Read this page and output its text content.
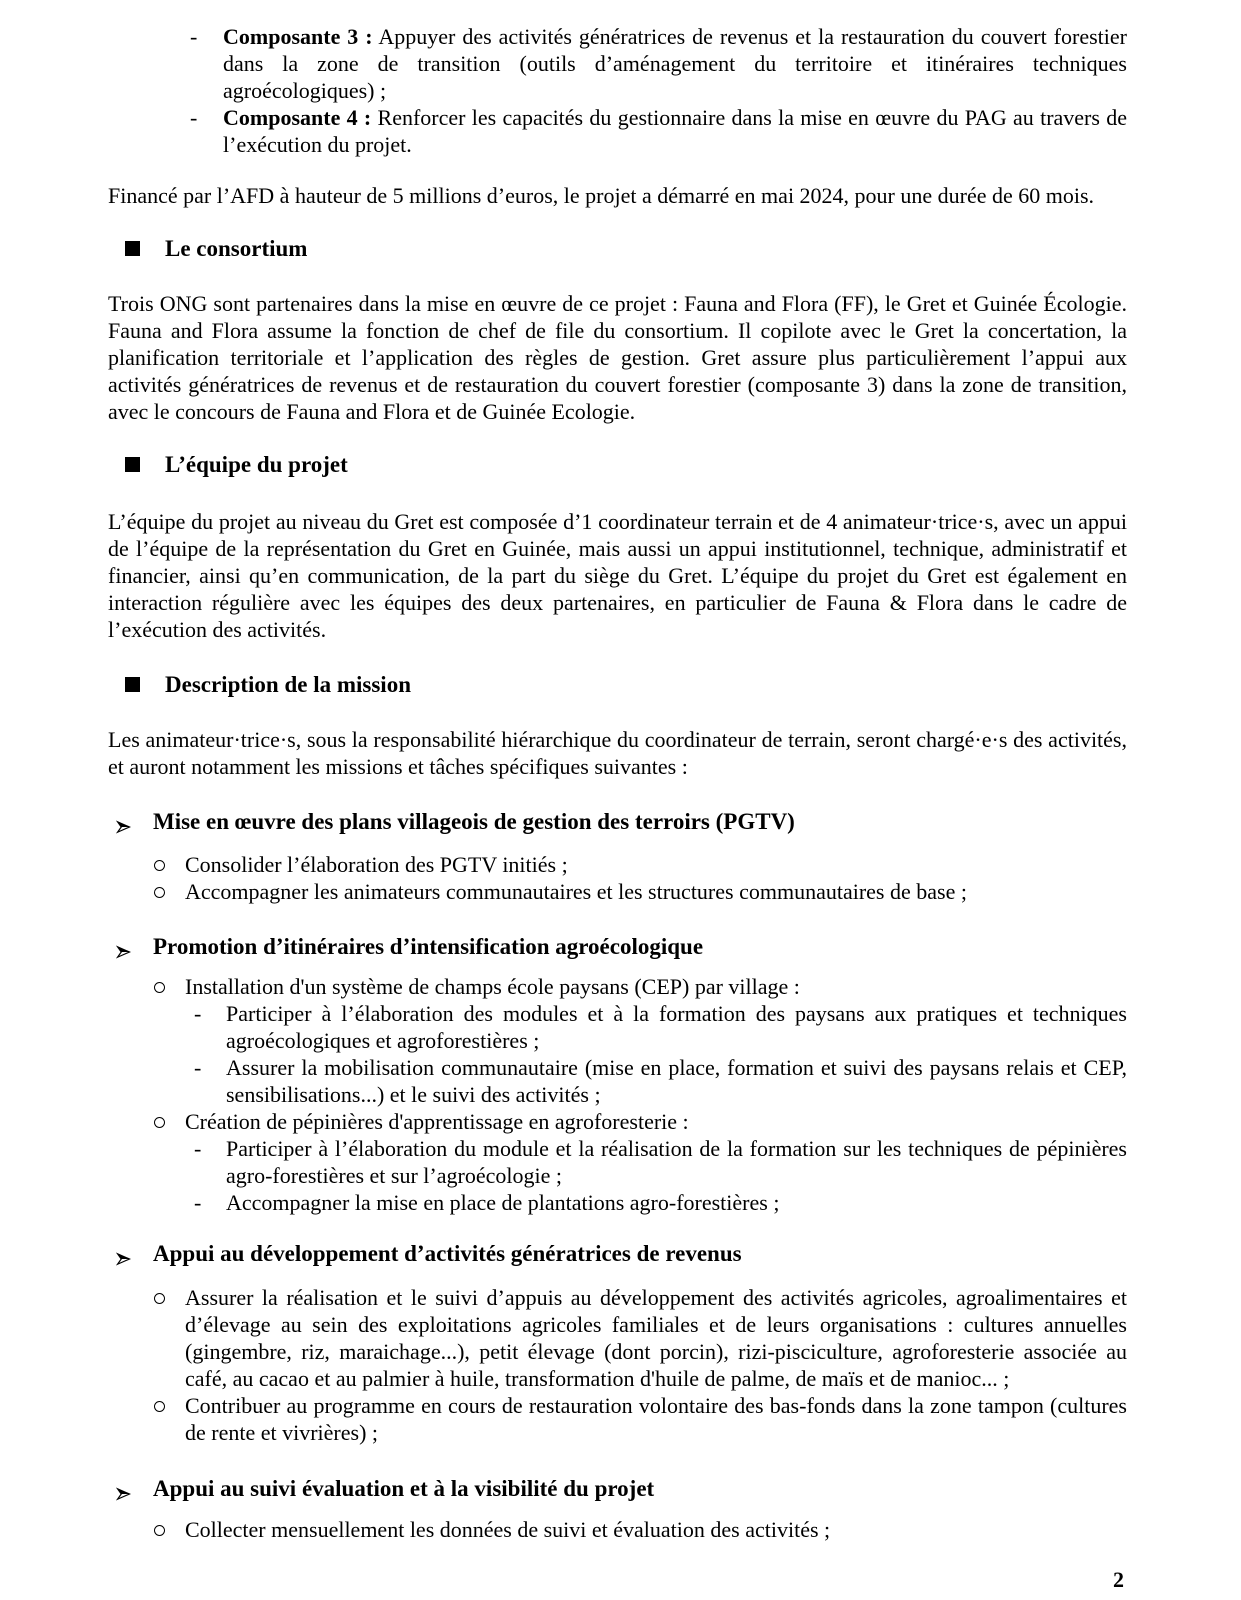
- Composante 3 : Appuyer des activités génératrices de revenus et la restauration du couvert forestier dans la zone de transition (outils d’aménagement du territoire et itinéraires techniques agroécologiques) ;
- Composante 4 : Renforcer les capacités du gestionnaire dans la mise en œuvre du PAG au travers de l’exécution du projet.
Financé par l’AFD à hauteur de 5 millions d’euros, le projet a démarré en mai 2024, pour une durée de 60 mois.
Le consortium
Trois ONG sont partenaires dans la mise en œuvre de ce projet : Fauna and Flora (FF), le Gret et Guinée Écologie. Fauna and Flora assume la fonction de chef de file du consortium. Il copilote avec le Gret la concertation, la planification territoriale et l’application des règles de gestion. Gret assure plus particulièrement l’appui aux activités génératrices de revenus et de restauration du couvert forestier (composante 3) dans la zone de transition, avec le concours de Fauna and Flora et de Guinée Ecologie.
L’équipe du projet
L’équipe du projet au niveau du Gret est composée d’1 coordinateur terrain et de 4 animateur·trice·s, avec un appui de l’équipe de la représentation du Gret en Guinée, mais aussi un appui institutionnel, technique, administratif et financier, ainsi qu’en communication, de la part du siège du Gret. L’équipe du projet du Gret est également en interaction régulière avec les équipes des deux partenaires, en particulier de Fauna & Flora dans le cadre de l’exécution des activités.
Description de la mission
Les animateur·trice·s, sous la responsabilité hiérarchique du coordinateur de terrain, seront chargé·e·s des activités, et auront notamment les missions et tâches spécifiques suivantes :
Mise en œuvre des plans villageois de gestion des terroirs (PGTV)
Consolider l’élaboration des PGTV initiés ;
Accompagner les animateurs communautaires et les structures communautaires de base ;
Promotion d’itinéraires d’intensification agroécologique
Installation d'un système de champs école paysans (CEP) par village :
- Participer à l’élaboration des modules et à la formation des paysans aux pratiques et techniques agroécologiques et agroforestières ;
- Assurer la mobilisation communautaire (mise en place, formation et suivi des paysans relais et CEP, sensibilisations...) et le suivi des activités ;
Création de pépinières d'apprentissage en agroforesterie :
- Participer à l’élaboration du module et la réalisation de la formation sur les techniques de pépinières agro-forestières et sur l’agroécologie ;
- Accompagner la mise en place de plantations agro-forestières ;
Appui au développement d’activités génératrices de revenus
Assurer la réalisation et le suivi d’appuis au développement des activités agricoles, agroalimentaires et d’élevage au sein des exploitations agricoles familiales et de leurs organisations : cultures annuelles (gingembre, riz, maraichage...), petit élevage (dont porcin), rizi-pisciculture, agroforesterie associée au café, au cacao et au palmier à huile, transformation d'huile de palme, de maïs et de manioc... ;
Contribuer au programme en cours de restauration volontaire des bas-fonds dans la zone tampon (cultures de rente et vivrières) ;
Appui au suivi évaluation et à la visibilité du projet
Collecter mensuellement les données de suivi et évaluation des activités ;
2
